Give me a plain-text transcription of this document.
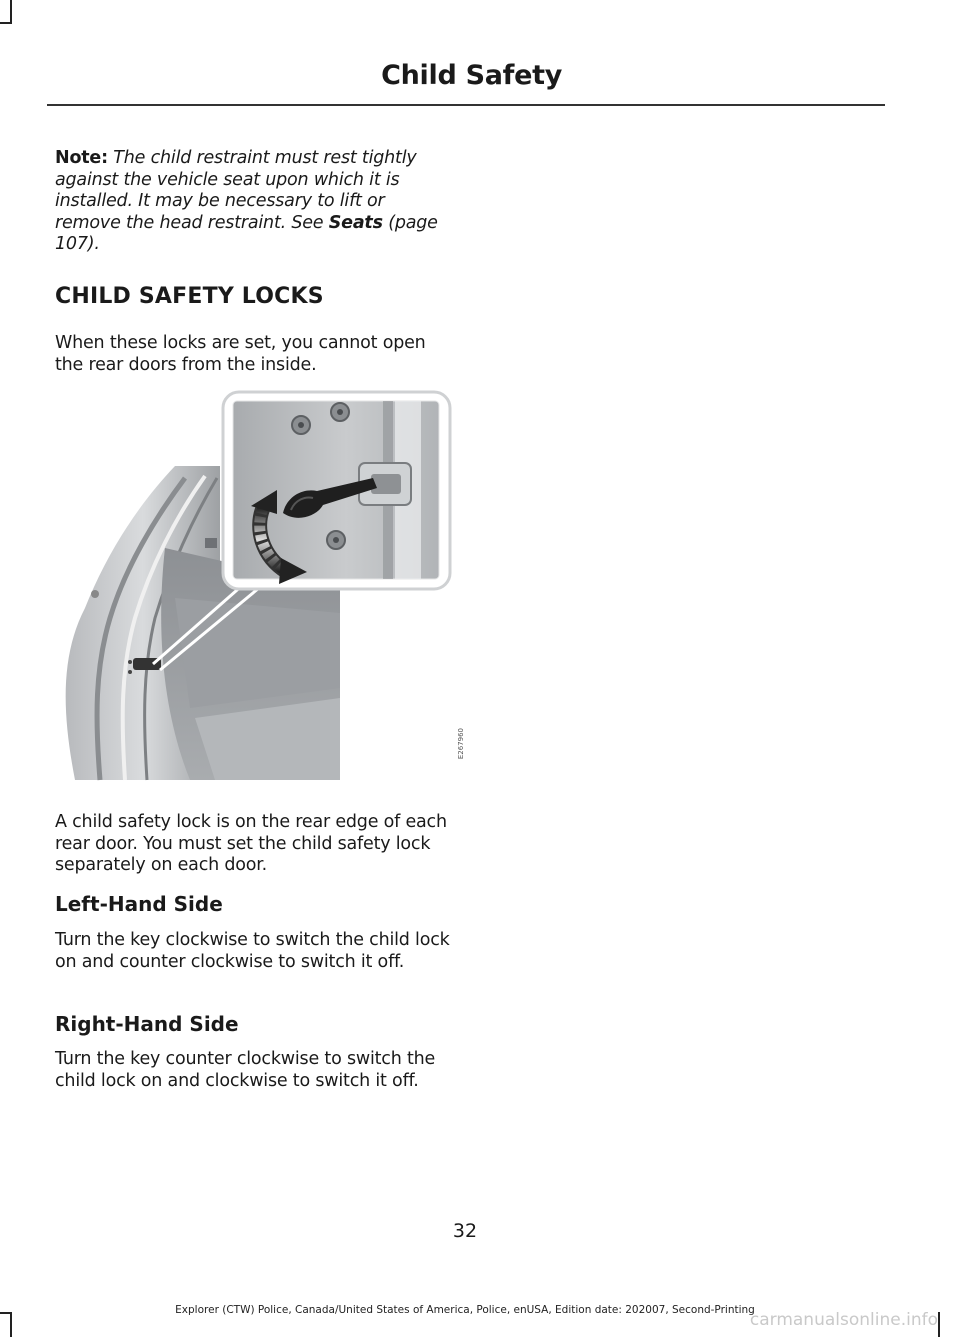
Child Safety

Note: The child restraint must rest tightly against the vehicle seat upon which it is installed. It may be necessary to lift or remove the head restraint. See Seats (page 107).

CHILD SAFETY LOCKS

When these locks are set, you cannot open the rear doors from the inside.

E267960

A child safety lock is on the rear edge of each rear door. You must set the child safety lock separately on each door.

Left-Hand Side

Turn the key clockwise to switch the child lock on and counter clockwise to switch it off.

Right-Hand Side

Turn the key counter clockwise to switch the child lock on and clockwise to switch it off.

32
Explorer (CTW) Police, Canada/United States of America, Police, enUSA, Edition date: 202007, Second-Printing
carmanualsonline.info
